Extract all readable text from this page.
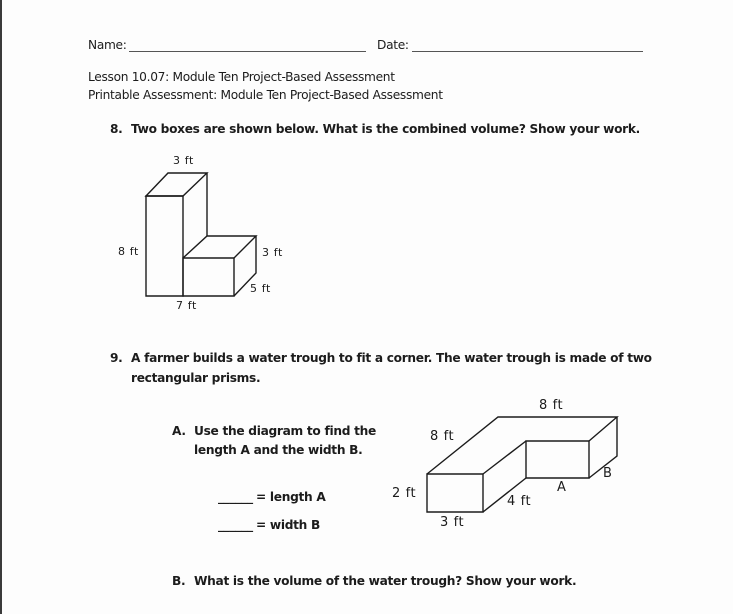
Name:	Date:
Lesson 10.07: Module Ten Project-Based Assessment
Printable Assessment: Module Ten Project-Based Assessment
8. Two boxes are shown below. What is the combined volume? Show your work.
3 ft
8 ft	3 ft
5 ft
7 ft
9. A farmer builds a water trough to fit a corner. The water trough is made of two
rectangular prisms.
A. Use the diagram to find the
length A and the width B.
______ = length A
______ = width B
8 ft
8 ft
2 ft
3 ft
4 ft
A
B
B. What is the volume of the water trough? Show your work.
